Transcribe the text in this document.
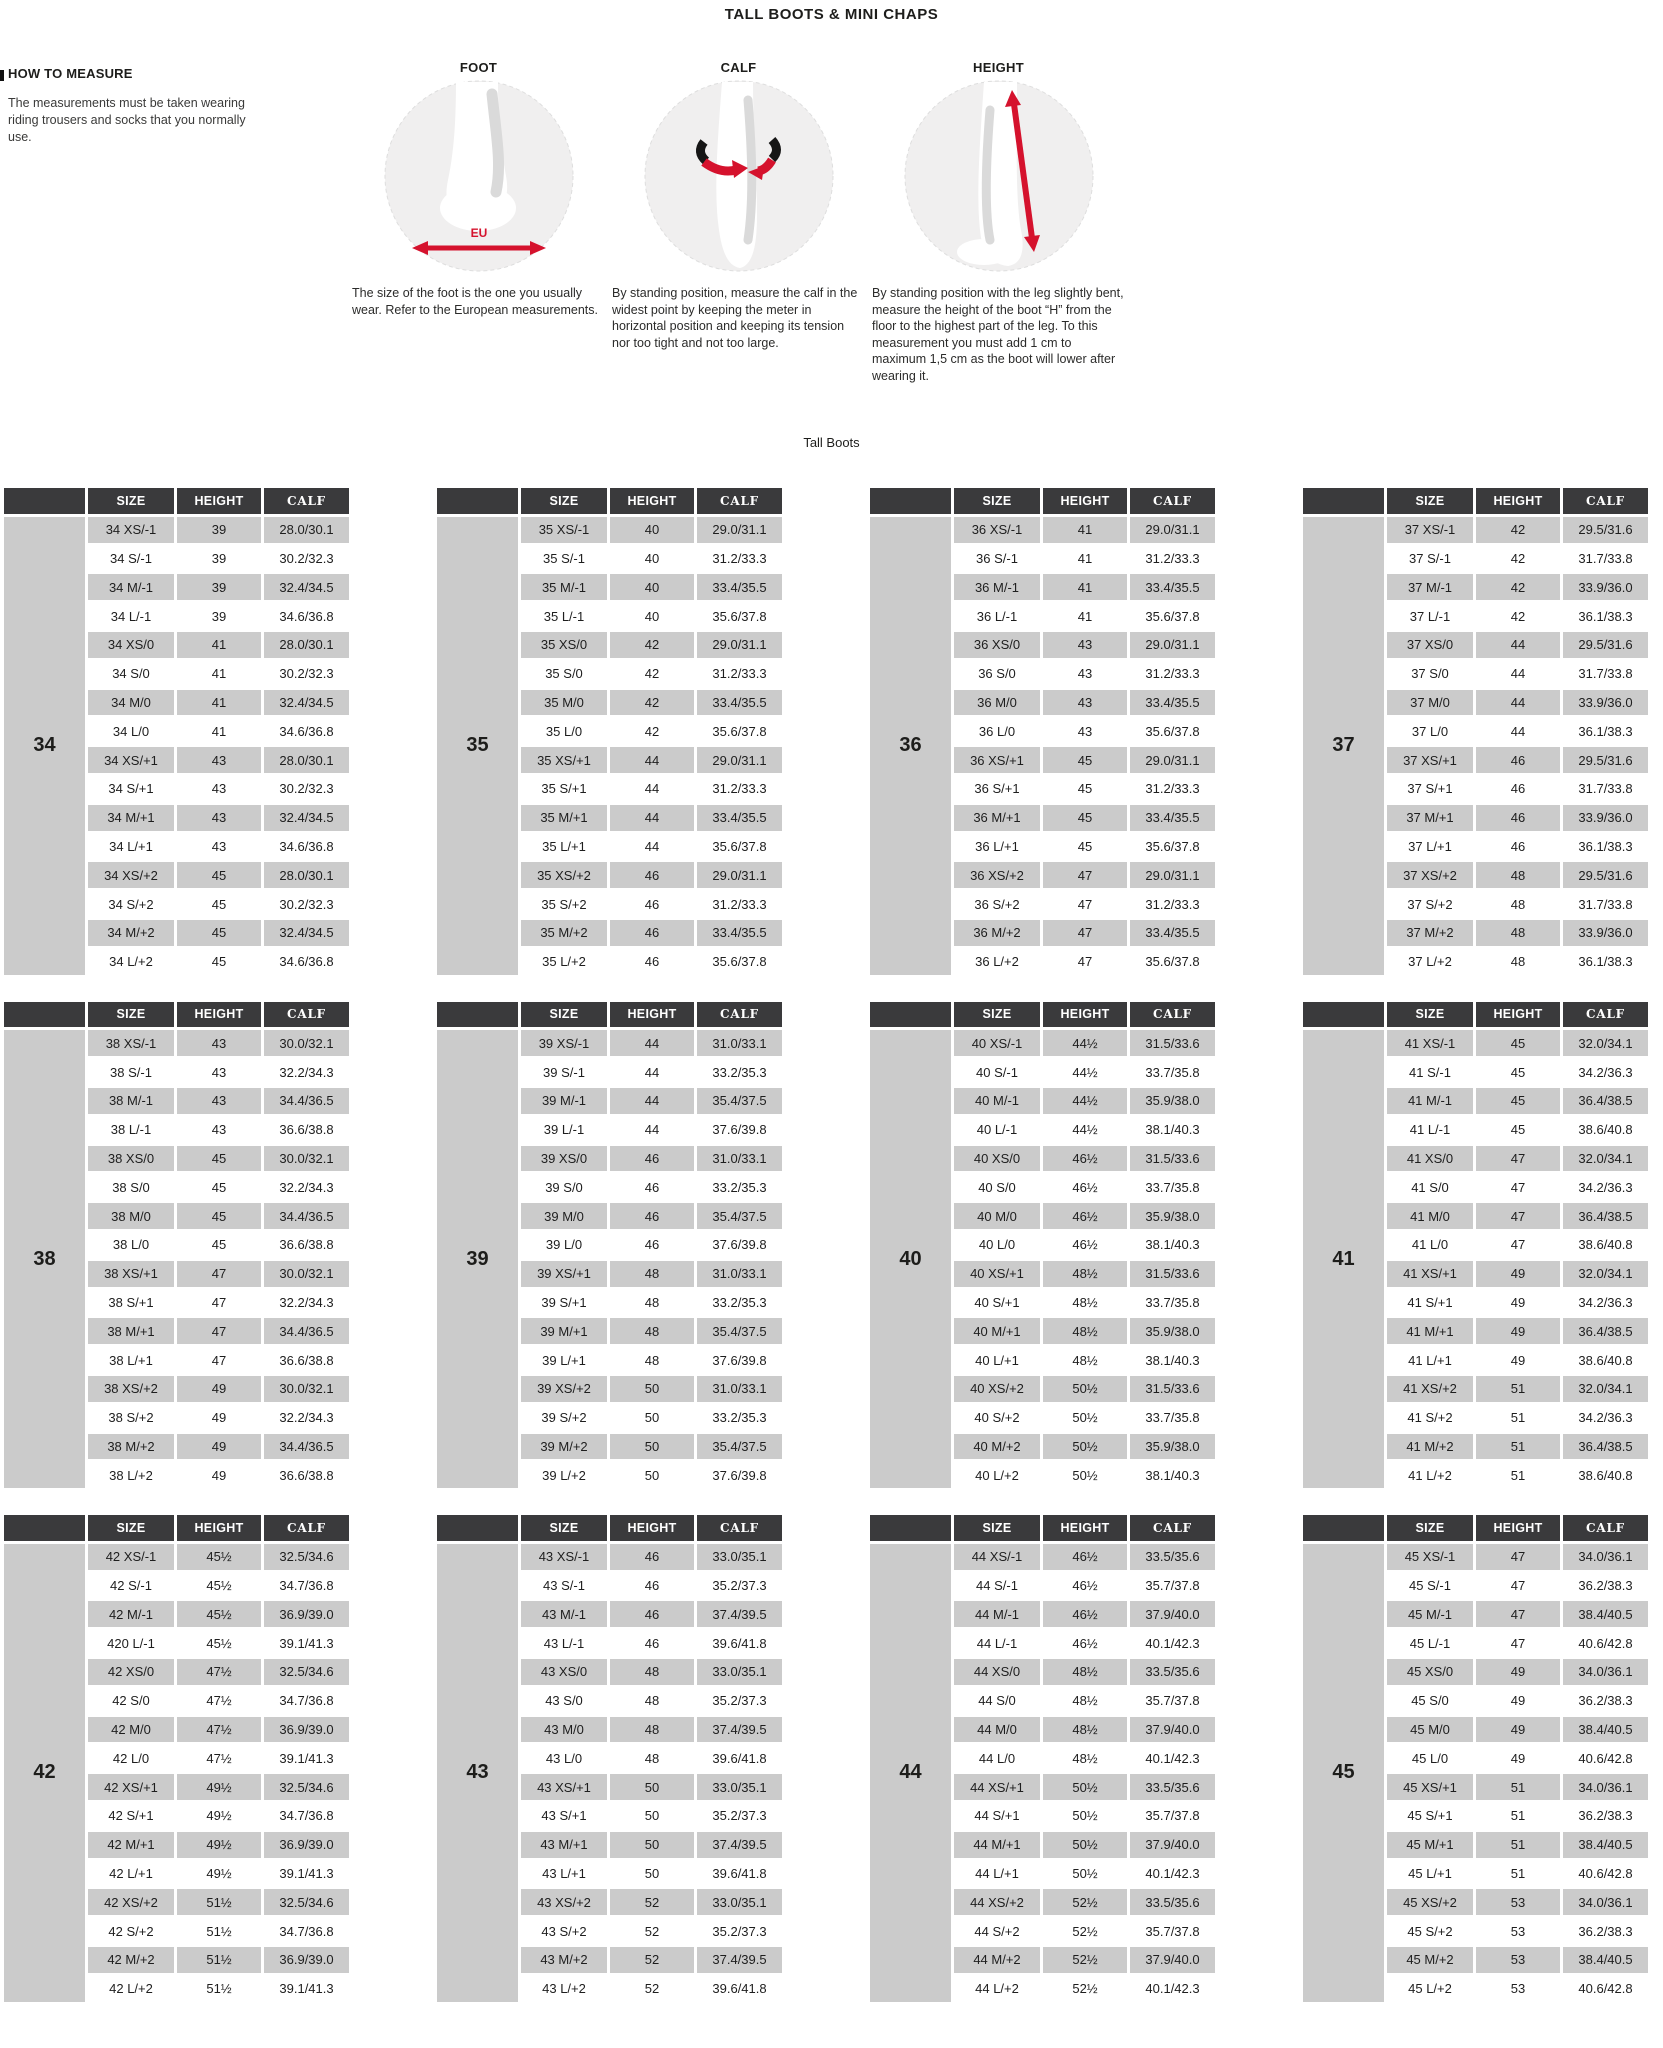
TALL BOOTS & MINI CHAPS
HOW TO MEASURE
The measurements must be taken wearing riding trousers and socks that you normally use.
FOOT
EU
The size of the foot is the one you usually wear. Refer to the European measurements.
CALF
By standing position, measure the calf in the widest point by keeping the meter in horizontal position and keeping its tension nor too tight and not too large.
HEIGHT
By standing position with the leg slightly bent, measure the height of the boot “H” from the floor to the highest part of the leg. To this measurement you must add 1 cm to maximum 1,5 cm as the boot will lower after wearing it.
Tall Boots
SIZE	HEIGHT	CALF
34
34 XS/-1	39	28.0/30.1
34 S/-1	39	30.2/32.3
34 M/-1	39	32.4/34.5
34 L/-1	39	34.6/36.8
34 XS/0	41	28.0/30.1
34 S/0	41	30.2/32.3
34 M/0	41	32.4/34.5
34 L/0	41	34.6/36.8
34 XS/+1	43	28.0/30.1
34 S/+1	43	30.2/32.3
34 M/+1	43	32.4/34.5
34 L/+1	43	34.6/36.8
34 XS/+2	45	28.0/30.1
34 S/+2	45	30.2/32.3
34 M/+2	45	32.4/34.5
34 L/+2	45	34.6/36.8
SIZE	HEIGHT	CALF
35
35 XS/-1	40	29.0/31.1
35 S/-1	40	31.2/33.3
35 M/-1	40	33.4/35.5
35 L/-1	40	35.6/37.8
35 XS/0	42	29.0/31.1
35 S/0	42	31.2/33.3
35 M/0	42	33.4/35.5
35 L/0	42	35.6/37.8
35 XS/+1	44	29.0/31.1
35 S/+1	44	31.2/33.3
35 M/+1	44	33.4/35.5
35 L/+1	44	35.6/37.8
35 XS/+2	46	29.0/31.1
35 S/+2	46	31.2/33.3
35 M/+2	46	33.4/35.5
35 L/+2	46	35.6/37.8
SIZE	HEIGHT	CALF
36
36 XS/-1	41	29.0/31.1
36 S/-1	41	31.2/33.3
36 M/-1	41	33.4/35.5
36 L/-1	41	35.6/37.8
36 XS/0	43	29.0/31.1
36 S/0	43	31.2/33.3
36 M/0	43	33.4/35.5
36 L/0	43	35.6/37.8
36 XS/+1	45	29.0/31.1
36 S/+1	45	31.2/33.3
36 M/+1	45	33.4/35.5
36 L/+1	45	35.6/37.8
36 XS/+2	47	29.0/31.1
36 S/+2	47	31.2/33.3
36 M/+2	47	33.4/35.5
36 L/+2	47	35.6/37.8
SIZE	HEIGHT	CALF
37
37 XS/-1	42	29.5/31.6
37 S/-1	42	31.7/33.8
37 M/-1	42	33.9/36.0
37 L/-1	42	36.1/38.3
37 XS/0	44	29.5/31.6
37 S/0	44	31.7/33.8
37 M/0	44	33.9/36.0
37 L/0	44	36.1/38.3
37 XS/+1	46	29.5/31.6
37 S/+1	46	31.7/33.8
37 M/+1	46	33.9/36.0
37 L/+1	46	36.1/38.3
37 XS/+2	48	29.5/31.6
37 S/+2	48	31.7/33.8
37 M/+2	48	33.9/36.0
37 L/+2	48	36.1/38.3
SIZE	HEIGHT	CALF
38
38 XS/-1	43	30.0/32.1
38 S/-1	43	32.2/34.3
38 M/-1	43	34.4/36.5
38 L/-1	43	36.6/38.8
38 XS/0	45	30.0/32.1
38 S/0	45	32.2/34.3
38 M/0	45	34.4/36.5
38 L/0	45	36.6/38.8
38 XS/+1	47	30.0/32.1
38 S/+1	47	32.2/34.3
38 M/+1	47	34.4/36.5
38 L/+1	47	36.6/38.8
38 XS/+2	49	30.0/32.1
38 S/+2	49	32.2/34.3
38 M/+2	49	34.4/36.5
38 L/+2	49	36.6/38.8
SIZE	HEIGHT	CALF
39
39 XS/-1	44	31.0/33.1
39 S/-1	44	33.2/35.3
39 M/-1	44	35.4/37.5
39 L/-1	44	37.6/39.8
39 XS/0	46	31.0/33.1
39 S/0	46	33.2/35.3
39 M/0	46	35.4/37.5
39 L/0	46	37.6/39.8
39 XS/+1	48	31.0/33.1
39 S/+1	48	33.2/35.3
39 M/+1	48	35.4/37.5
39 L/+1	48	37.6/39.8
39 XS/+2	50	31.0/33.1
39 S/+2	50	33.2/35.3
39 M/+2	50	35.4/37.5
39 L/+2	50	37.6/39.8
SIZE	HEIGHT	CALF
40
40 XS/-1	44½	31.5/33.6
40 S/-1	44½	33.7/35.8
40 M/-1	44½	35.9/38.0
40 L/-1	44½	38.1/40.3
40 XS/0	46½	31.5/33.6
40 S/0	46½	33.7/35.8
40 M/0	46½	35.9/38.0
40 L/0	46½	38.1/40.3
40 XS/+1	48½	31.5/33.6
40 S/+1	48½	33.7/35.8
40 M/+1	48½	35.9/38.0
40 L/+1	48½	38.1/40.3
40 XS/+2	50½	31.5/33.6
40 S/+2	50½	33.7/35.8
40 M/+2	50½	35.9/38.0
40 L/+2	50½	38.1/40.3
SIZE	HEIGHT	CALF
41
41 XS/-1	45	32.0/34.1
41 S/-1	45	34.2/36.3
41 M/-1	45	36.4/38.5
41 L/-1	45	38.6/40.8
41 XS/0	47	32.0/34.1
41 S/0	47	34.2/36.3
41 M/0	47	36.4/38.5
41 L/0	47	38.6/40.8
41 XS/+1	49	32.0/34.1
41 S/+1	49	34.2/36.3
41 M/+1	49	36.4/38.5
41 L/+1	49	38.6/40.8
41 XS/+2	51	32.0/34.1
41 S/+2	51	34.2/36.3
41 M/+2	51	36.4/38.5
41 L/+2	51	38.6/40.8
SIZE	HEIGHT	CALF
42
42 XS/-1	45½	32.5/34.6
42 S/-1	45½	34.7/36.8
42 M/-1	45½	36.9/39.0
420 L/-1	45½	39.1/41.3
42 XS/0	47½	32.5/34.6
42 S/0	47½	34.7/36.8
42 M/0	47½	36.9/39.0
42 L/0	47½	39.1/41.3
42 XS/+1	49½	32.5/34.6
42 S/+1	49½	34.7/36.8
42 M/+1	49½	36.9/39.0
42 L/+1	49½	39.1/41.3
42 XS/+2	51½	32.5/34.6
42 S/+2	51½	34.7/36.8
42 M/+2	51½	36.9/39.0
42 L/+2	51½	39.1/41.3
SIZE	HEIGHT	CALF
43
43 XS/-1	46	33.0/35.1
43 S/-1	46	35.2/37.3
43 M/-1	46	37.4/39.5
43 L/-1	46	39.6/41.8
43 XS/0	48	33.0/35.1
43 S/0	48	35.2/37.3
43 M/0	48	37.4/39.5
43 L/0	48	39.6/41.8
43 XS/+1	50	33.0/35.1
43 S/+1	50	35.2/37.3
43 M/+1	50	37.4/39.5
43 L/+1	50	39.6/41.8
43 XS/+2	52	33.0/35.1
43 S/+2	52	35.2/37.3
43 M/+2	52	37.4/39.5
43 L/+2	52	39.6/41.8
SIZE	HEIGHT	CALF
44
44 XS/-1	46½	33.5/35.6
44 S/-1	46½	35.7/37.8
44 M/-1	46½	37.9/40.0
44 L/-1	46½	40.1/42.3
44 XS/0	48½	33.5/35.6
44 S/0	48½	35.7/37.8
44 M/0	48½	37.9/40.0
44 L/0	48½	40.1/42.3
44 XS/+1	50½	33.5/35.6
44 S/+1	50½	35.7/37.8
44 M/+1	50½	37.9/40.0
44 L/+1	50½	40.1/42.3
44 XS/+2	52½	33.5/35.6
44 S/+2	52½	35.7/37.8
44 M/+2	52½	37.9/40.0
44 L/+2	52½	40.1/42.3
SIZE	HEIGHT	CALF
45
45 XS/-1	47	34.0/36.1
45 S/-1	47	36.2/38.3
45 M/-1	47	38.4/40.5
45 L/-1	47	40.6/42.8
45 XS/0	49	34.0/36.1
45 S/0	49	36.2/38.3
45 M/0	49	38.4/40.5
45 L/0	49	40.6/42.8
45 XS/+1	51	34.0/36.1
45 S/+1	51	36.2/38.3
45 M/+1	51	38.4/40.5
45 L/+1	51	40.6/42.8
45 XS/+2	53	34.0/36.1
45 S/+2	53	36.2/38.3
45 M/+2	53	38.4/40.5
45 L/+2	53	40.6/42.8
